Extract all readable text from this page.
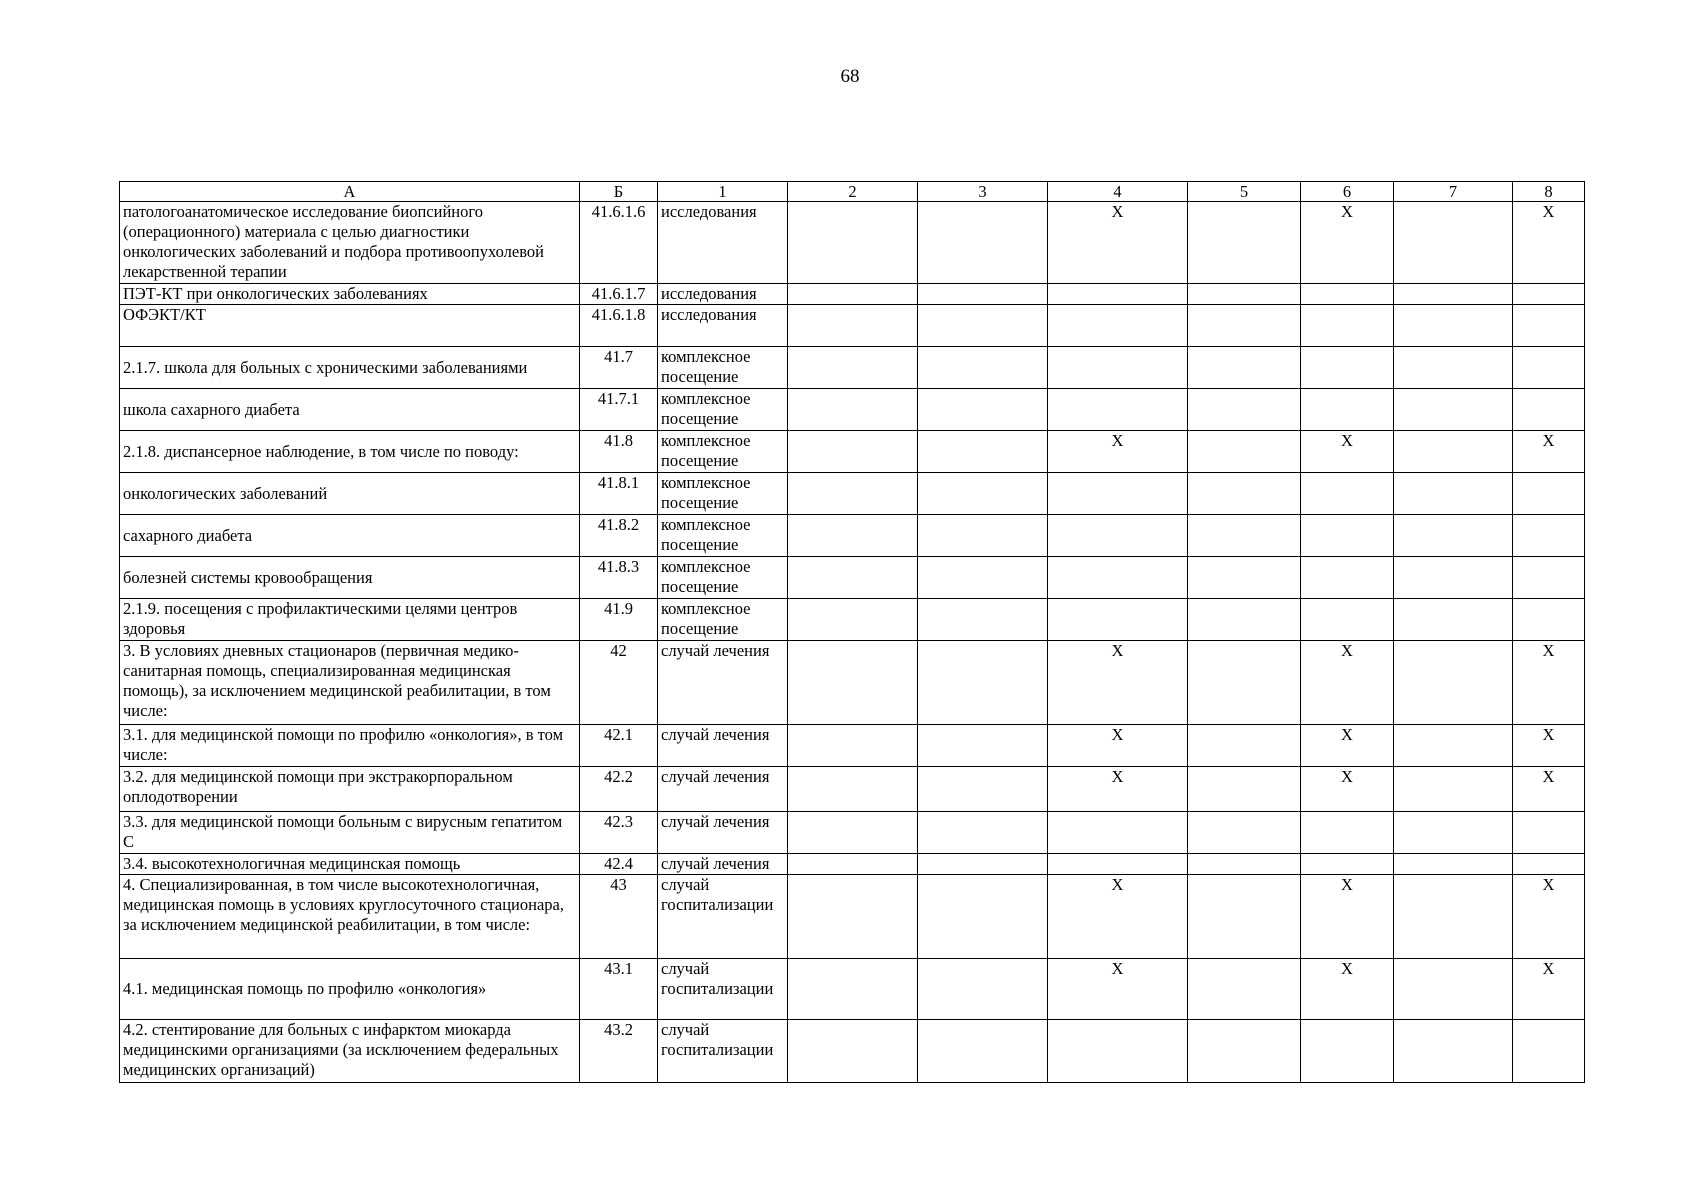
68
А	Б	1	2	3	4	5	6	7	8
патологоанатомическое исследование биопсийного (операционного) материала с целью диагностики онкологических заболеваний и подбора противоопухолевой лекарственной терапии	41.6.1.6	исследования			X		X		X
ПЭТ-КТ при онкологических заболеваниях	41.6.1.7	исследования							
ОФЭКТ/КТ	41.6.1.8	исследования							
2.1.7. школа для больных с хроническими заболеваниями	41.7	комплексное посещение							
школа сахарного диабета	41.7.1	комплексное посещение							
2.1.8. диспансерное наблюдение, в том числе по поводу:	41.8	комплексное посещение			X		X		X
онкологических заболеваний	41.8.1	комплексное посещение							
сахарного диабета	41.8.2	комплексное посещение							
болезней системы кровообращения	41.8.3	комплексное посещение							
2.1.9. посещения с профилактическими целями центров здоровья	41.9	комплексное посещение							
3. В условиях дневных стационаров (первичная медико-санитарная помощь, специализированная медицинская помощь), за исключением медицинской реабилитации, в том числе:	42	случай лечения			X		X		X
3.1. для медицинской помощи по профилю «онкология», в том числе:	42.1	случай лечения			X		X		X
3.2. для медицинской помощи при экстракорпоральном оплодотворении	42.2	случай лечения			X		X		X
3.3. для медицинской помощи больным с вирусным гепатитом С	42.3	случай лечения							
3.4. высокотехнологичная медицинская помощь	42.4	случай лечения							
4. Специализированная, в том числе высокотехнологичная, медицинская помощь в условиях круглосуточного стационара, за исключением медицинской реабилитации, в том числе:	43	случай госпитализации			X		X		X
4.1. медицинская помощь по профилю «онкология»	43.1	случай госпитализации			X		X		X
4.2. стентирование для больных с инфарктом миокарда медицинскими организациями (за исключением федеральных медицинских организаций)	43.2	случай госпитализации							
